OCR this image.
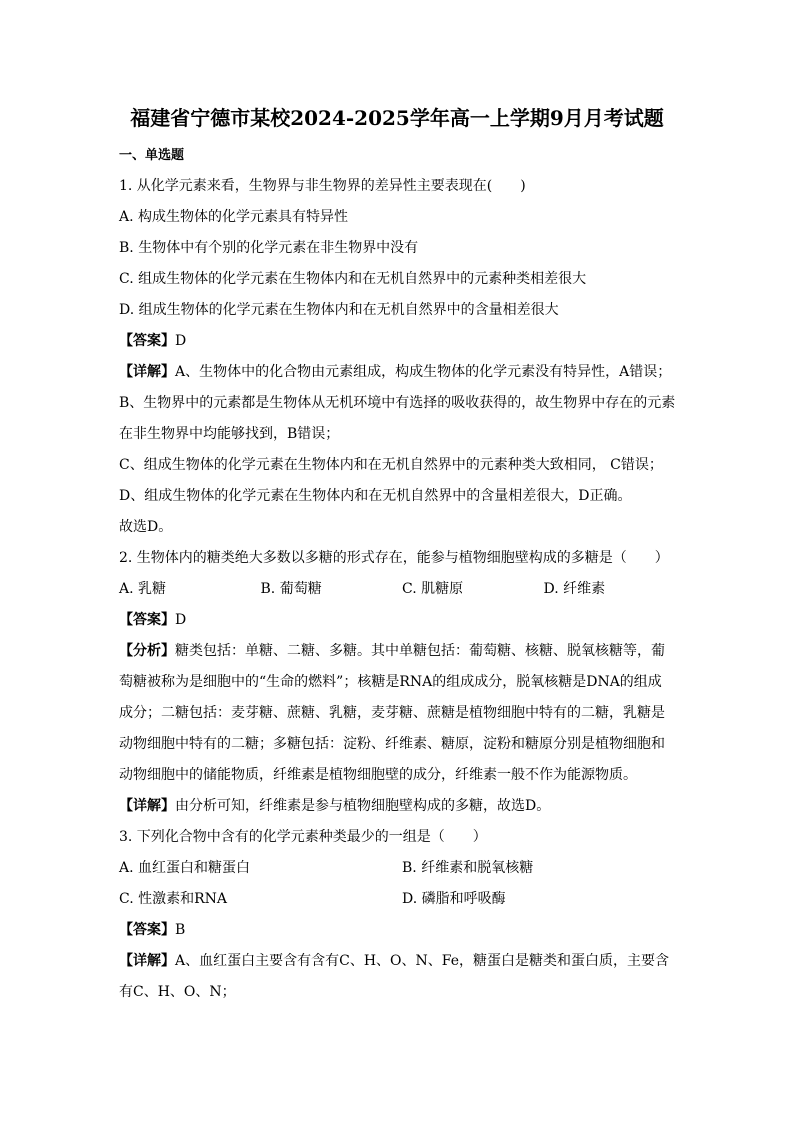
福建省宁德市某校2024-2025学年高一上学期9月月考试题
一、单选题

1. 从化学元素来看，生物界与非生物界的差异性主要表现在(　　)

A. 构成生物体的化学元素具有特异性

B. 生物体中有个别的化学元素在非生物界中没有

C. 组成生物体的化学元素在生物体内和在无机自然界中的元素种类相差很大

D. 组成生物体的化学元素在生物体内和在无机自然界中的含量相差很大

【答案】D

【详解】A、生物体中的化合物由元素组成，构成生物体的化学元素没有特异性，A错误；

B、生物界中的元素都是生物体从无机环境中有选择的吸收获得的，故生物界中存在的元素

在非生物界中均能够找到，B错误；

C、组成生物体的化学元素在生物体内和在无机自然界中的元素种类大致相同， C错误；

D、组成生物体的化学元素在生物体内和在无机自然界中的含量相差很大，D正确。

故选D。

2. 生物体内的糖类绝大多数以多糖的形式存在，能参与植物细胞壁构成的多糖是（　　）

A. 乳糖	B. 葡萄糖	C. 肌糖原	D. 纤维素

【答案】D

【分析】糖类包括：单糖、二糖、多糖。其中单糖包括：葡萄糖、核糖、脱氧核糖等，葡

萄糖被称为是细胞中的“生命的燃料”；核糖是RNA的组成成分，脱氧核糖是DNA的组成

成分；二糖包括：麦芽糖、蔗糖、乳糖，麦芽糖、蔗糖是植物细胞中特有的二糖，乳糖是

动物细胞中特有的二糖；多糖包括：淀粉、纤维素、糖原，淀粉和糖原分别是植物细胞和

动物细胞中的储能物质，纤维素是植物细胞壁的成分，纤维素一般不作为能源物质。

【详解】由分析可知，纤维素是参与植物细胞壁构成的多糖，故选D。

3. 下列化合物中含有的化学元素种类最少的一组是（　　）

A. 血红蛋白和糖蛋白	B. 纤维素和脱氧核糖
C. 性激素和RNA	D. 磷脂和呼吸酶

【答案】B

【详解】A、血红蛋白主要含有含有C、H、O、N、Fe，糖蛋白是糖类和蛋白质，主要含

有C、H、O、N；
